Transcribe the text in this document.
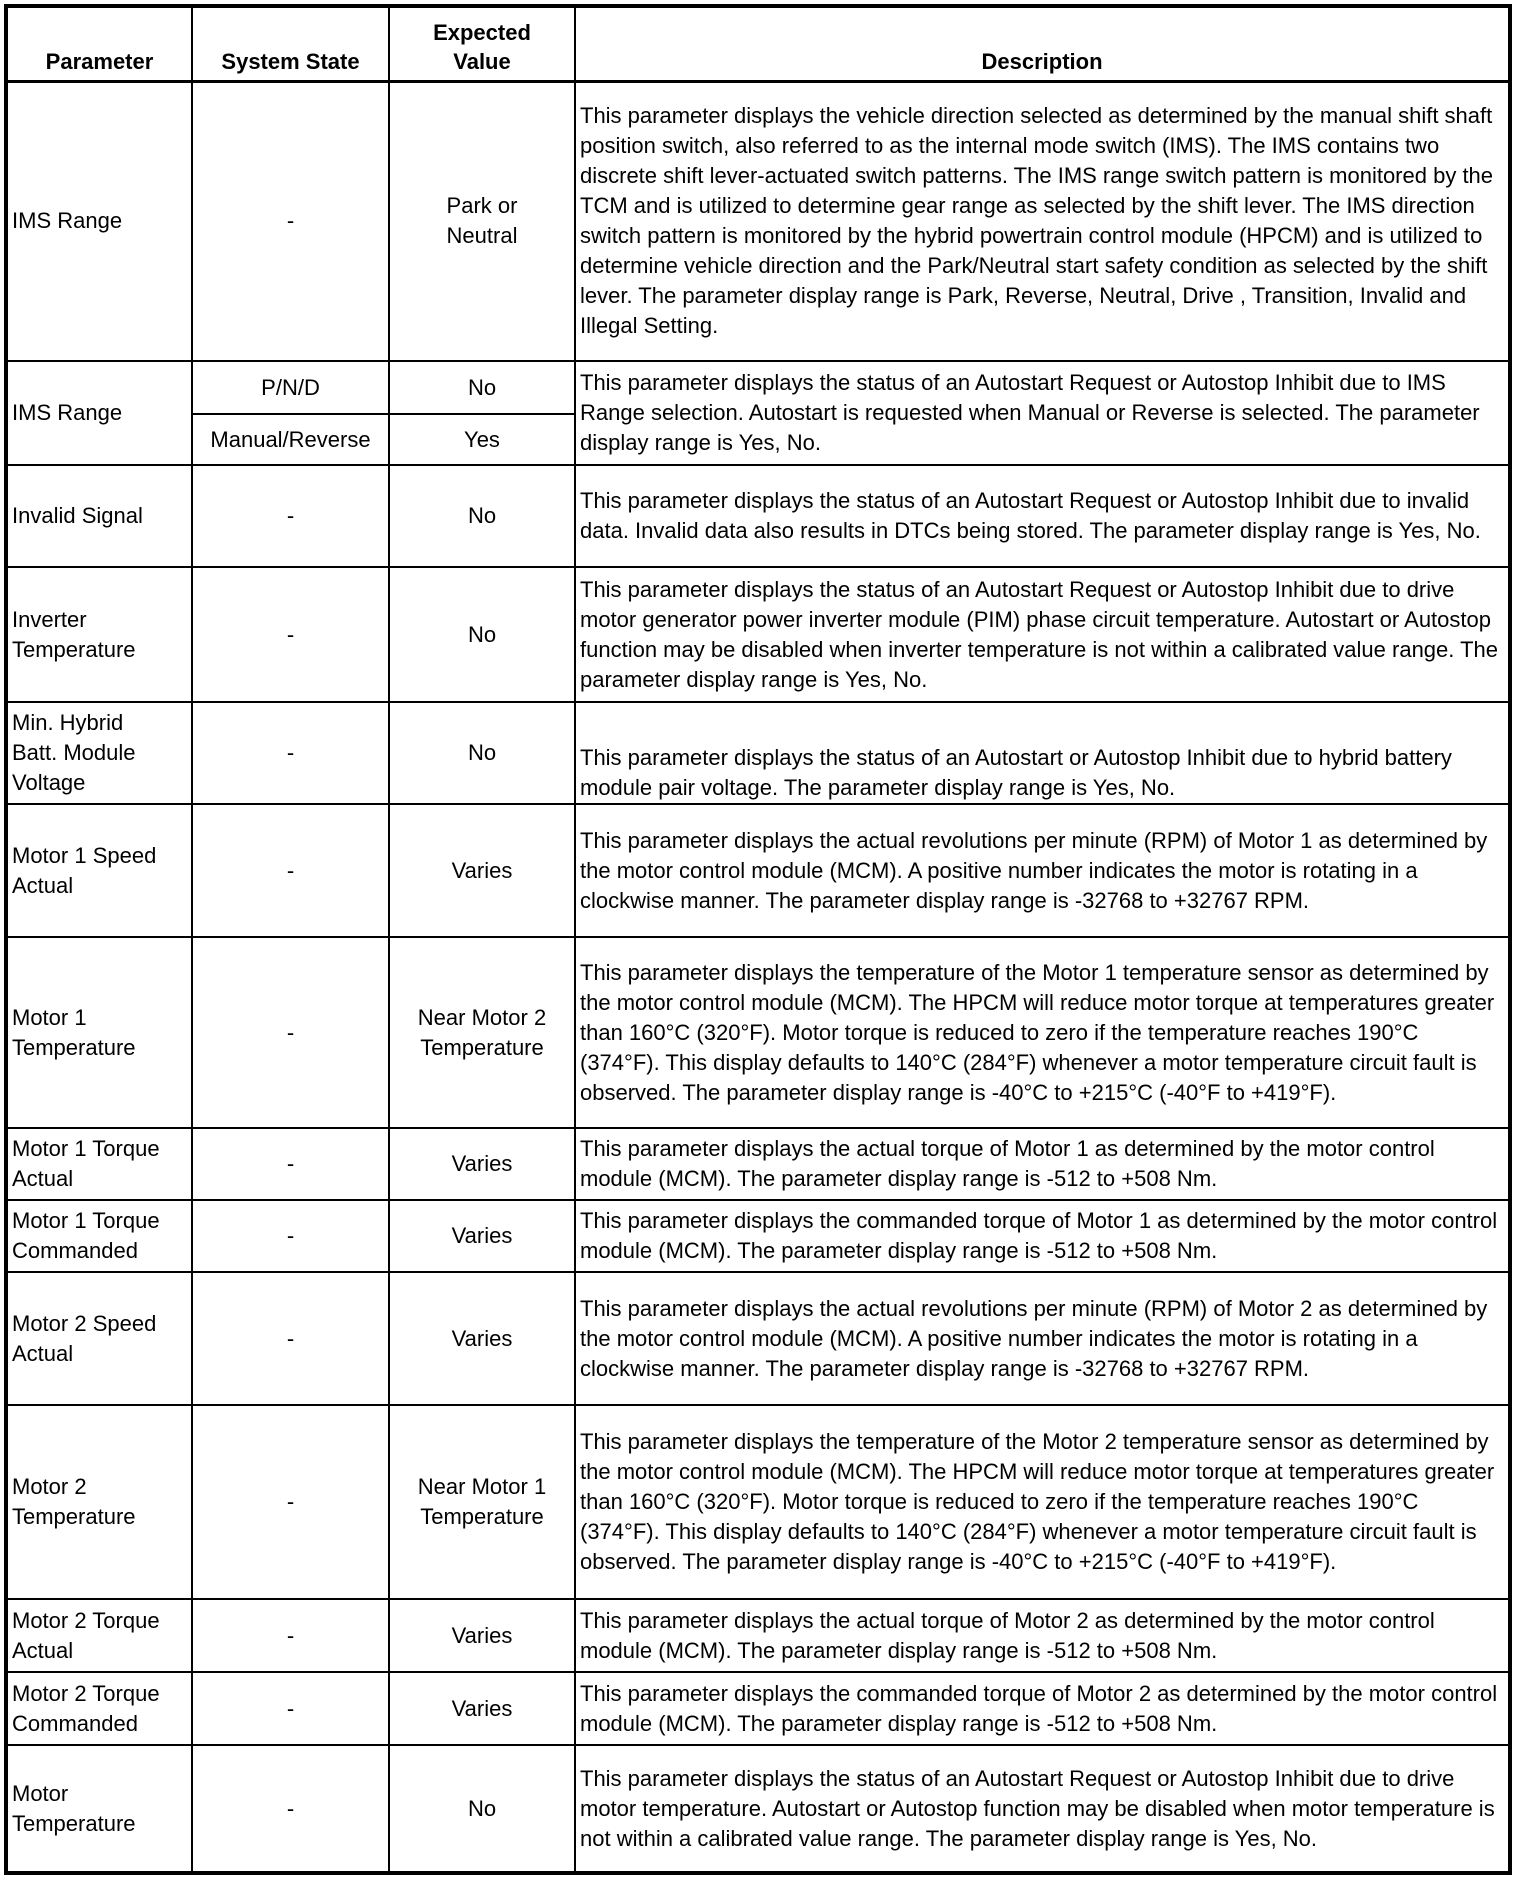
Parameter	System State	Expected Value	Description
IMS Range	-	Park or Neutral	This parameter displays the vehicle direction selected as determined by the manual shift shaft position switch, also referred to as the internal mode switch (IMS). The IMS contains two discrete shift lever-actuated switch patterns. The IMS range switch pattern is monitored by the TCM and is utilized to determine gear range as selected by the shift lever. The IMS direction switch pattern is monitored by the hybrid powertrain control module (HPCM) and is utilized to determine vehicle direction and the Park/Neutral start safety condition as selected by the shift lever. The parameter display range is Park, Reverse, Neutral, Drive , Transition, Invalid and Illegal Setting.
IMS Range	P/N/D	No	This parameter displays the status of an Autostart Request or Autostop Inhibit due to IMS Range selection. Autostart is requested when Manual or Reverse is selected. The parameter display range is Yes, No.
	Manual/Reverse	Yes	
Invalid Signal	-	No	This parameter displays the status of an Autostart Request or Autostop Inhibit due to invalid data. Invalid data also results in DTCs being stored. The parameter display range is Yes, No.
Inverter Temperature	-	No	This parameter displays the status of an Autostart Request or Autostop Inhibit due to drive motor generator power inverter module (PIM) phase circuit temperature. Autostart or Autostop function may be disabled when inverter temperature is not within a calibrated value range. The parameter display range is Yes, No.
Min. Hybrid Batt. Module Voltage	-	No	This parameter displays the status of an Autostart or Autostop Inhibit due to hybrid battery module pair voltage. The parameter display range is Yes, No.
Motor 1 Speed Actual	-	Varies	This parameter displays the actual revolutions per minute (RPM) of Motor 1 as determined by the motor control module (MCM). A positive number indicates the motor is rotating in a clockwise manner. The parameter display range is -32768 to +32767 RPM.
Motor 1 Temperature	-	Near Motor 2 Temperature	This parameter displays the temperature of the Motor 1 temperature sensor as determined by the motor control module (MCM). The HPCM will reduce motor torque at temperatures greater than 160°C (320°F). Motor torque is reduced to zero if the temperature reaches 190°C (374°F). This display defaults to 140°C (284°F) whenever a motor temperature circuit fault is observed. The parameter display range is -40°C to +215°C (-40°F to +419°F).
Motor 1 Torque Actual	-	Varies	This parameter displays the actual torque of Motor 1 as determined by the motor control module (MCM). The parameter display range is -512 to +508 Nm.
Motor 1 Torque Commanded	-	Varies	This parameter displays the commanded torque of Motor 1 as determined by the motor control module (MCM). The parameter display range is -512 to +508 Nm.
Motor 2 Speed Actual	-	Varies	This parameter displays the actual revolutions per minute (RPM) of Motor 2 as determined by the motor control module (MCM). A positive number indicates the motor is rotating in a clockwise manner. The parameter display range is -32768 to +32767 RPM.
Motor 2 Temperature	-	Near Motor 1 Temperature	This parameter displays the temperature of the Motor 2 temperature sensor as determined by the motor control module (MCM). The HPCM will reduce motor torque at temperatures greater than 160°C (320°F). Motor torque is reduced to zero if the temperature reaches 190°C (374°F). This display defaults to 140°C (284°F) whenever a motor temperature circuit fault is observed. The parameter display range is -40°C to +215°C (-40°F to +419°F).
Motor 2 Torque Actual	-	Varies	This parameter displays the actual torque of Motor 2 as determined by the motor control module (MCM). The parameter display range is -512 to +508 Nm.
Motor 2 Torque Commanded	-	Varies	This parameter displays the commanded torque of Motor 2 as determined by the motor control module (MCM). The parameter display range is -512 to +508 Nm.
Motor Temperature	-	No	This parameter displays the status of an Autostart Request or Autostop Inhibit due to drive motor temperature. Autostart or Autostop function may be disabled when motor temperature is not within a calibrated value range. The parameter display range is Yes, No.
